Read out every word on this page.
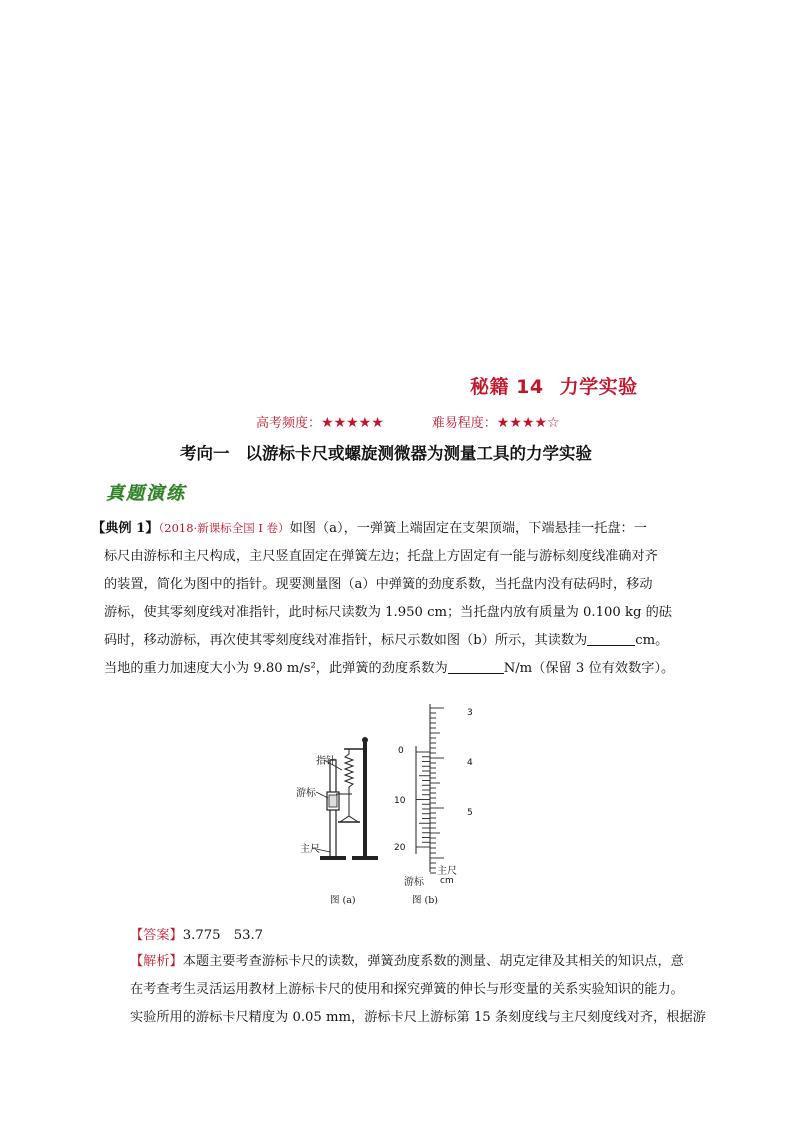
秘籍 14 力学实验
高考频度：★★★★★	难易程度：★★★★☆
考向一 以游标卡尺或螺旋测微器为测量工具的力学实验
真题演练

【典例 1】（2018·新课标全国 I 卷）如图（a），一弹簧上端固定在支架顶端，下端悬挂一托盘：一

标尺由游标和主尺构成，主尺竖直固定在弹簧左边；托盘上方固定有一能与游标刻度线准确对齐

的装置，简化为图中的指针。现要测量图（a）中弹簧的劲度系数，当托盘内没有砝码时，移动

游标，使其零刻度线对准指针，此时标尺读数为 1.950 cm；当托盘内放有质量为 0.100 kg 的砝

码时，移动游标，再次使其零刻度线对准指针，标尺示数如图（b）所示，其读数为	cm。

当地的重力加速度大小为 9.80 m/s²，此弹簧的劲度系数为	N/m（保留 3 位有效数字）。

指针
游标
主尺
图 (a)
0
10
20
3
4
5
游标
主尺
cm
图 (b)

【答案】3.775　53.7

【解析】本题主要考查游标卡尺的读数，弹簧劲度系数的测量、胡克定律及其相关的知识点，意

在考查考生灵活运用教材上游标卡尺的使用和探究弹簧的伸长与形变量的关系实验知识的能力。

实验所用的游标卡尺精度为 0.05 mm，游标卡尺上游标第 15 条刻度线与主尺刻度线对齐，根据游
